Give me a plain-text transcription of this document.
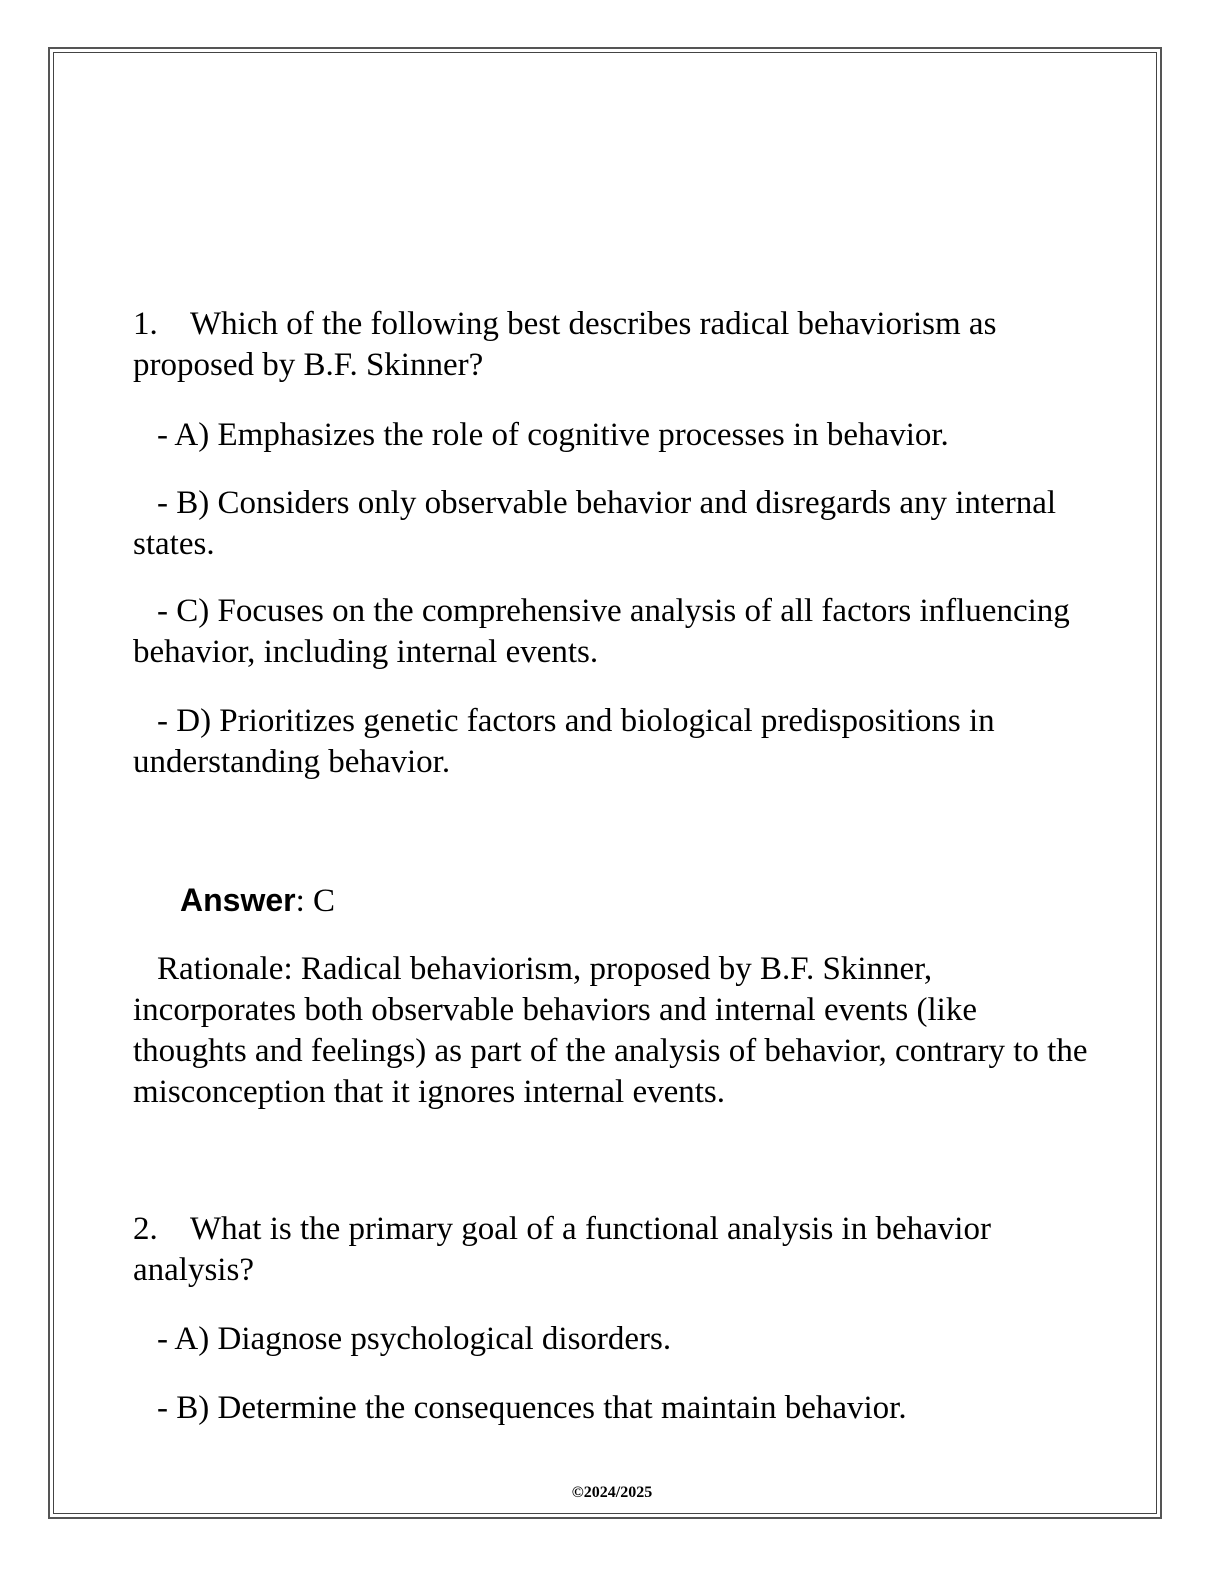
1. Which of the following best describes radical behaviorism as proposed by B.F. Skinner?

- A) Emphasizes the role of cognitive processes in behavior.

- B) Considers only observable behavior and disregards any internal states.

- C) Focuses on the comprehensive analysis of all factors influencing behavior, including internal events.

- D) Prioritizes genetic factors and biological predispositions in understanding behavior.

Answer: C

Rationale: Radical behaviorism, proposed by B.F. Skinner, incorporates both observable behaviors and internal events (like thoughts and feelings) as part of the analysis of behavior, contrary to the misconception that it ignores internal events.

2. What is the primary goal of a functional analysis in behavior analysis?

- A) Diagnose psychological disorders.

- B) Determine the consequences that maintain behavior.

©2024/2025
